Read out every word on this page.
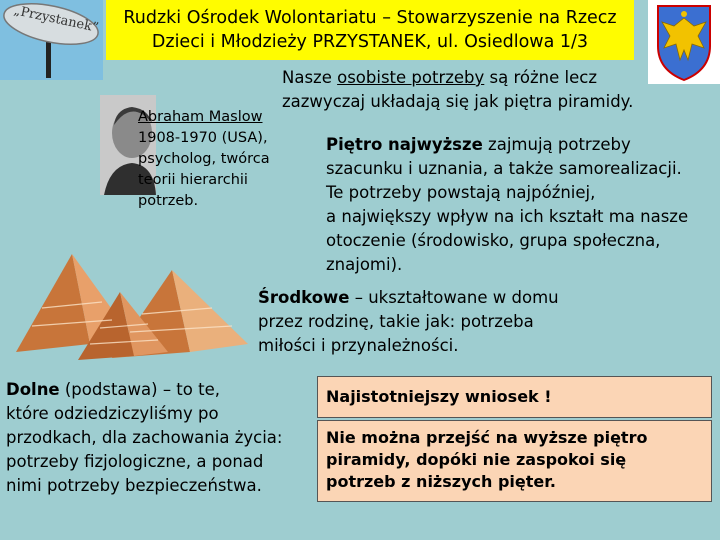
„Przystanek”	Rudzki Ośrodek Wolontariatu – Stowarzyszenie na Rzecz
Dzieci i Młodzieży PRZYSTANEK, ul. Osiedlowa 1/3
Nasze osobiste potrzeby są różne lecz
zazwyczaj układają się jak piętra piramidy.
Abraham Maslow
1908-1970 (USA),
psycholog, twórca
teorii hierarchii
potrzeb.
Piętro najwyższe zajmują potrzeby
szacunku i uznania, a także samorealizacji.
Te potrzeby powstają najpóźniej,
a największy wpływ na ich kształt ma nasze
otoczenie (środowisko, grupa społeczna,
znajomi).
Środkowe – ukształtowane w domu
przez rodzinę, takie jak: potrzeba
miłości i przynależności.
Dolne (podstawa) – to te,
które odziedziczyliśmy po
przodkach, dla zachowania życia:
potrzeby fizjologiczne, a ponad
nimi potrzeby bezpieczeństwa.
Najistotniejszy wniosek !
Nie można przejść na wyższe piętro
piramidy, dopóki nie zaspokoi się
potrzeb z niższych pięter.
